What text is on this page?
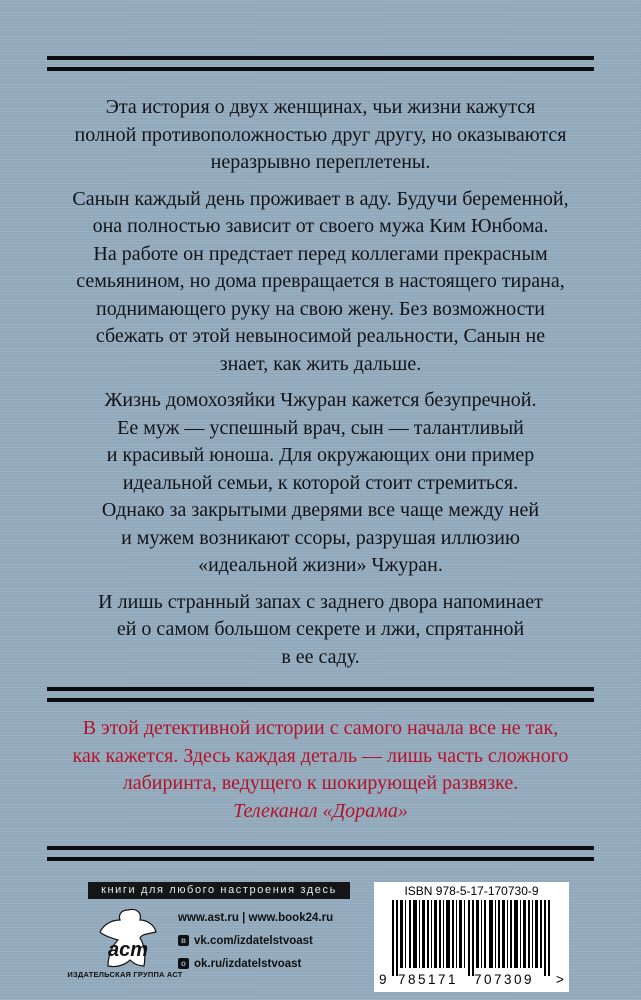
Эта история о двух женщинах, чьи жизни кажутся
полной противоположностью друг другу, но оказываются
неразрывно переплетены.

Санын каждый день проживает в аду. Будучи беременной,
она полностью зависит от своего мужа Ким Юнбома.
На работе он предстает перед коллегами прекрасным
семьянином, но дома превращается в настоящего тирана,
поднимающего руку на свою жену. Без возможности
сбежать от этой невыносимой реальности, Санын не
знает, как жить дальше.

Жизнь домохозяйки Чжуран кажется безупречной.
Ее муж — успешный врач, сын — талантливый
и красивый юноша. Для окружающих они пример
идеальной семьи, к которой стоит стремиться.
Однако за закрытыми дверями все чаще между ней
и мужем возникают ссоры, разрушая иллюзию
«идеальной жизни» Чжуран.

И лишь странный запах с заднего двора напоминает
ей о самом большом секрете и лжи, спрятанной
в ее саду.

В этой детективной истории с самого начала все не так,
как кажется. Здесь каждая деталь — лишь часть сложного
лабиринта, ведущего к шокирующей развязке.
Телеканал «Дорама»
книги для любого настроения здесь
аст
ИЗДАТЕЛЬСКАЯ ГРУППА АСТ
www.ast.ru | www.book24.ru
в vk.com/izdatelstvoast
о ok.ru/izdatelstvoast
ISBN 978-5-17-170730-9
9 785171 707309 >
